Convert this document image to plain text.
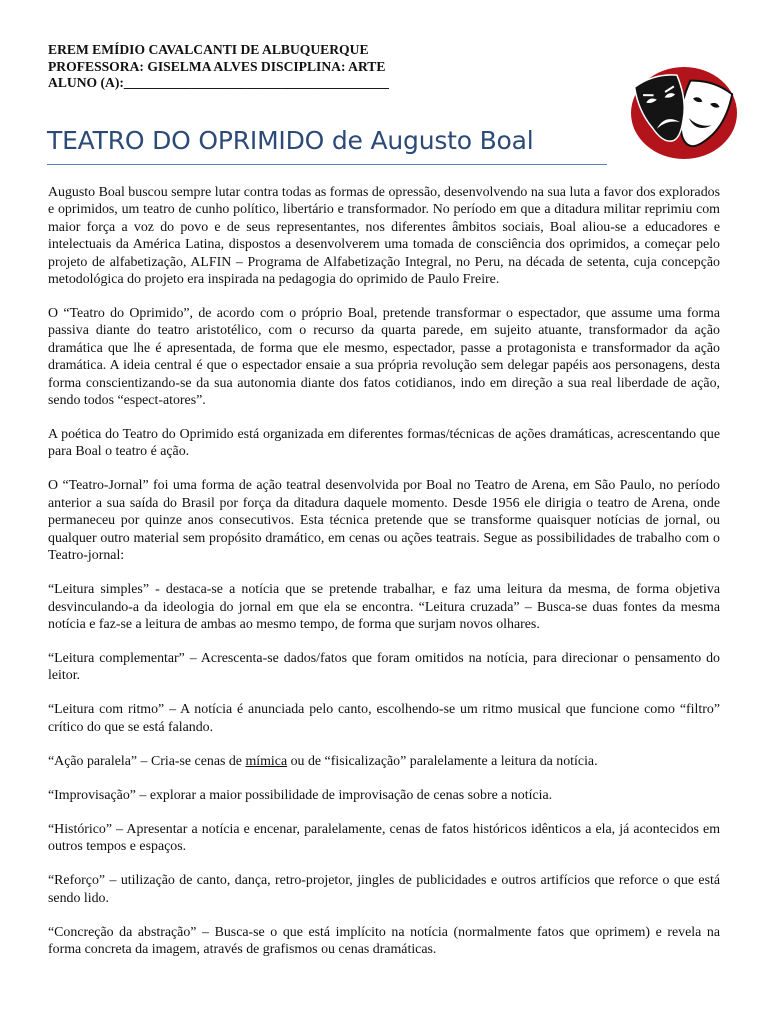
EREM EMÍDIO CAVALCANTI DE ALBUQUERQUE
PROFESSORA: GISELMA ALVES DISCIPLINA: ARTE
ALUNO (A):_______________________________________
TEATRO DO OPRIMIDO de Augusto Boal

Augusto Boal buscou sempre lutar contra todas as formas de opressão, desenvolvendo na sua luta a favor dos explorados e oprimidos, um teatro de cunho político, libertário e transformador. No período em que a ditadura militar reprimiu com maior força a voz do povo e de seus representantes, nos diferentes âmbitos sociais, Boal aliou-se a educadores e intelectuais da América Latina, dispostos a desenvolverem uma tomada de consciência dos oprimidos, a começar pelo projeto de alfabetização, ALFIN – Programa de Alfabetização Integral, no Peru, na década de setenta, cuja concepção metodológica do projeto era inspirada na pedagogia do oprimido de Paulo Freire.

O “Teatro do Oprimido”, de acordo com o próprio Boal, pretende transformar o espectador, que assume uma forma passiva diante do teatro aristotélico, com o recurso da quarta parede, em sujeito atuante, transformador da ação dramática que lhe é apresentada, de forma que ele mesmo, espectador, passe a protagonista e transformador da ação dramática. A ideia central é que o espectador ensaie a sua própria revolução sem delegar papéis aos personagens, desta forma conscientizando-se da sua autonomia diante dos fatos cotidianos, indo em direção a sua real liberdade de ação, sendo todos “espect-atores”.

A poética do Teatro do Oprimido está organizada em diferentes formas/técnicas de ações dramáticas, acrescentando que para Boal o teatro é ação.

O “Teatro-Jornal” foi uma forma de ação teatral desenvolvida por Boal no Teatro de Arena, em São Paulo, no período anterior a sua saída do Brasil por força da ditadura daquele momento. Desde 1956 ele dirigia o teatro de Arena, onde permaneceu por quinze anos consecutivos. Esta técnica pretende que se transforme quaisquer notícias de jornal, ou qualquer outro material sem propósito dramático, em cenas ou ações teatrais. Segue as possibilidades de trabalho com o Teatro-jornal:

“Leitura simples” - destaca-se a notícia que se pretende trabalhar, e faz uma leitura da mesma, de forma objetiva desvinculando-a da ideologia do jornal em que ela se encontra. “Leitura cruzada” – Busca-se duas fontes da mesma notícia e faz-se a leitura de ambas ao mesmo tempo, de forma que surjam novos olhares.

“Leitura complementar” – Acrescenta-se dados/fatos que foram omitidos na notícia, para direcionar o pensamento do leitor.

“Leitura com ritmo” – A notícia é anunciada pelo canto, escolhendo-se um ritmo musical que funcione como “filtro” crítico do que se está falando.

“Ação paralela” – Cria-se cenas de mímica ou de “fisicalização” paralelamente a leitura da notícia.

“Improvisação” – explorar a maior possibilidade de improvisação de cenas sobre a notícia.

“Histórico” – Apresentar a notícia e encenar, paralelamente, cenas de fatos históricos idênticos a ela, já acontecidos em outros tempos e espaços.

“Reforço” – utilização de canto, dança, retro-projetor, jingles de publicidades e outros artifícios que reforce o que está sendo lido.

“Concreção da abstração” – Busca-se o que está implícito na notícia (normalmente fatos que oprimem) e revela na forma concreta da imagem, através de grafismos ou cenas dramáticas.
